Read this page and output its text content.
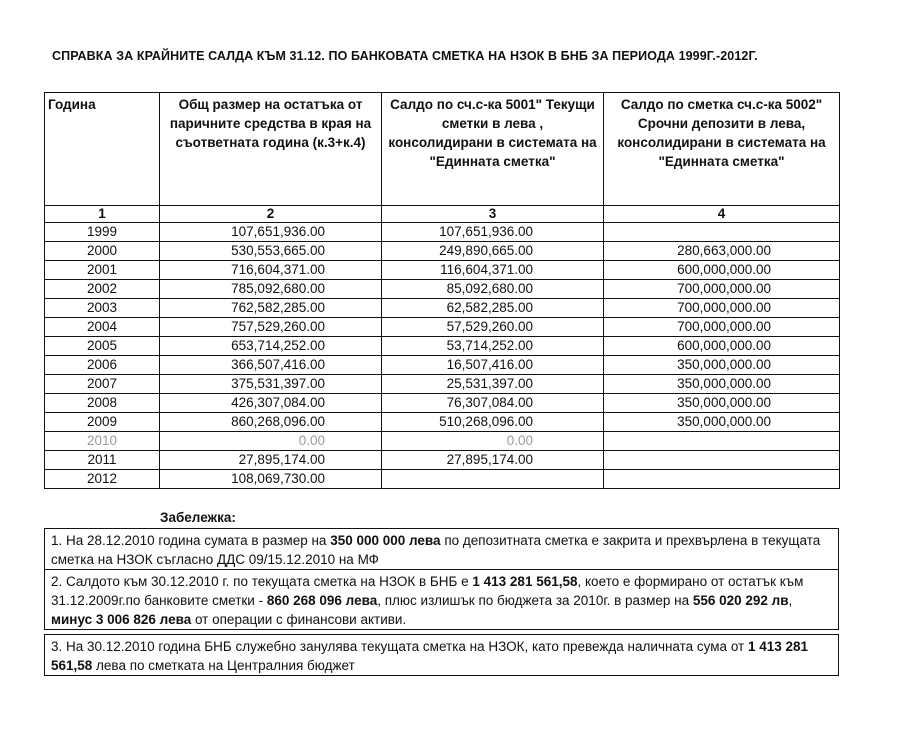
СПРАВКА ЗА КРАЙНИТЕ САЛДА КЪМ 31.12. ПО БАНКОВАТА СМЕТКА НА НЗОК В БНБ ЗА ПЕРИОДА 1999Г.-2012Г.
Година	Общ размер на остатъка от паричните средства в края на съответната година (к.3+к.4)	Салдо по сч.с-ка 5001" Текущи сметки в лева , консолидирани в системата на "Единната сметка"	Салдо по сметка сч.с-ка 5002" Срочни депозити в лева, консолидирани в системата на "Единната сметка"
1	2	3	4
1999	107,651,936.00	107,651,936.00	
2000	530,553,665.00	249,890,665.00	280,663,000.00
2001	716,604,371.00	116,604,371.00	600,000,000.00
2002	785,092,680.00	85,092,680.00	700,000,000.00
2003	762,582,285.00	62,582,285.00	700,000,000.00
2004	757,529,260.00	57,529,260.00	700,000,000.00
2005	653,714,252.00	53,714,252.00	600,000,000.00
2006	366,507,416.00	16,507,416.00	350,000,000.00
2007	375,531,397.00	25,531,397.00	350,000,000.00
2008	426,307,084.00	76,307,084.00	350,000,000.00
2009	860,268,096.00	510,268,096.00	350,000,000.00
2010	0.00	0.00	
2011	27,895,174.00	27,895,174.00	
2012	108,069,730.00		
Забележка:
1. На 28.12.2010 година сумата в размер на 350 000 000 лева по депозитната сметка е закрита и прехвърлена в текущата сметка на НЗОК съгласно ДДС 09/15.12.2010 на МФ
2. Салдото към 30.12.2010 г. по текущата сметка на НЗОК в БНБ е 1 413 281 561,58, което е формирано от остатък към 31.12.2009г.по банковите сметки - 860 268 096 лева, плюс излишък по бюджета за 2010г. в размер на 556 020 292 лв, минус 3 006 826 лева от операции с финансови активи.
3. На 30.12.2010 година БНБ служебно занулява текущата сметка на НЗОК, като превежда наличната сума от 1 413 281 561,58 лева по сметката на Централния бюджет
